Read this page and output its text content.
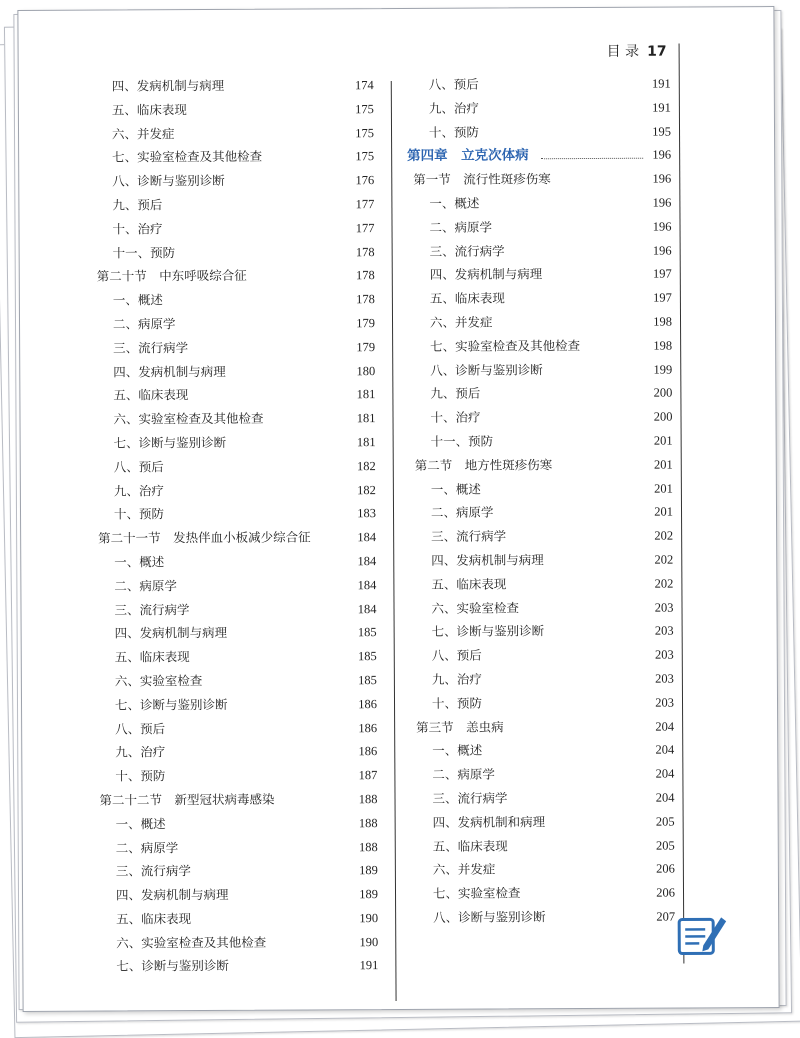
目 录 17
四、发病机制与病理	174
五、临床表现	175
六、并发症	175
七、实验室检查及其他检查	175
八、诊断与鉴别诊断	176
九、预后	177
十、治疗	177
十一、预防	178
第二十节　中东呼吸综合征	178
一、概述	178
二、病原学	179
三、流行病学	179
四、发病机制与病理	180
五、临床表现	181
六、实验室检查及其他检查	181
七、诊断与鉴别诊断	181
八、预后	182
九、治疗	182
十、预防	183
第二十一节　发热伴血小板减少综合征	184
一、概述	184
二、病原学	184
三、流行病学	184
四、发病机制与病理	185
五、临床表现	185
六、实验室检查	185
七、诊断与鉴别诊断	186
八、预后	186
九、治疗	186
十、预防	187
第二十二节　新型冠状病毒感染	188
一、概述	188
二、病原学	188
三、流行病学	189
四、发病机制与病理	189
五、临床表现	190
六、实验室检查及其他检查	190
七、诊断与鉴别诊断	191
八、预后	191
九、治疗	191
十、预防	195
第四章　立克次体病	196
第一节　流行性斑疹伤寒	196
一、概述	196
二、病原学	196
三、流行病学	196
四、发病机制与病理	197
五、临床表现	197
六、并发症	198
七、实验室检查及其他检查	198
八、诊断与鉴别诊断	199
九、预后	200
十、治疗	200
十一、预防	201
第二节　地方性斑疹伤寒	201
一、概述	201
二、病原学	201
三、流行病学	202
四、发病机制与病理	202
五、临床表现	202
六、实验室检查	203
七、诊断与鉴别诊断	203
八、预后	203
九、治疗	203
十、预防	203
第三节　恙虫病	204
一、概述	204
二、病原学	204
三、流行病学	204
四、发病机制和病理	205
五、临床表现	205
六、并发症	206
七、实验室检查	206
八、诊断与鉴别诊断	207
